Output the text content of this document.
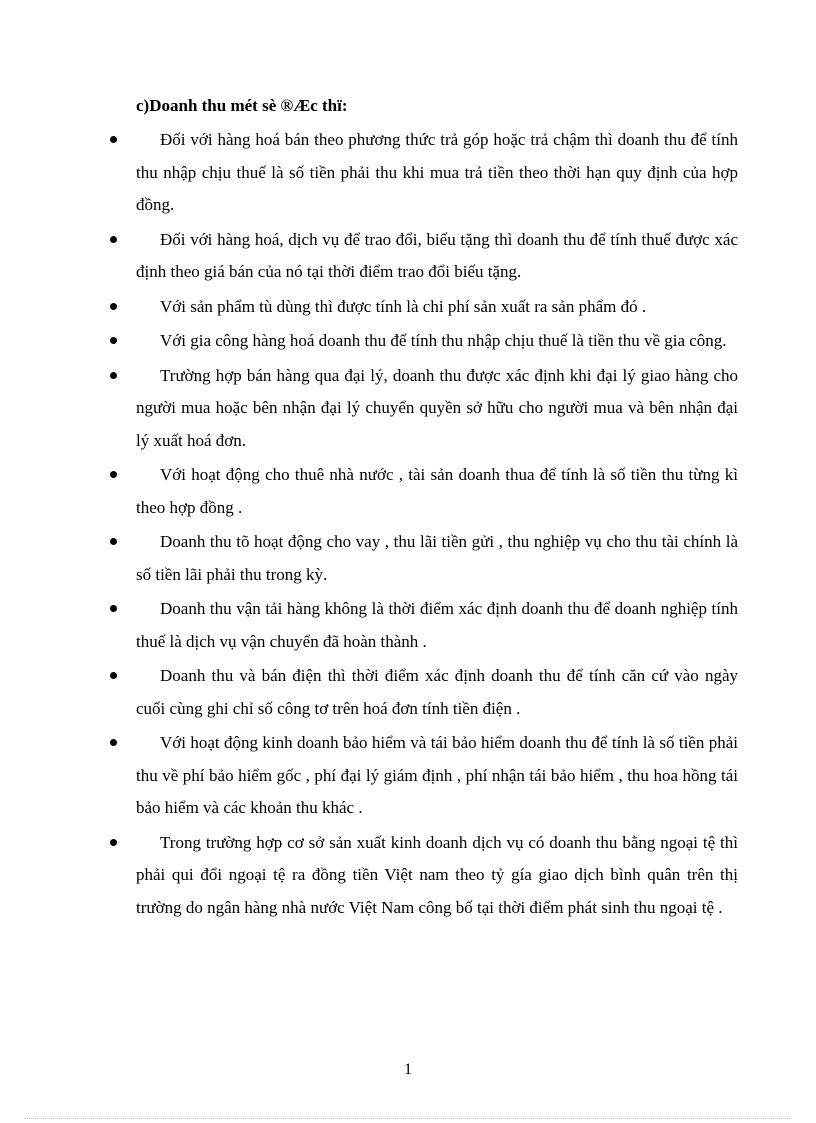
c)Doanh thu mét sè ®Æc thï:
Đối với hàng hoá bán theo phương thức trả góp hoặc trả chậm thì doanh thu để tính thu nhập chịu thuế là số tiền phải thu khi mua trả tiền theo thời hạn quy định của hợp đồng.
Đối với hàng hoá, dịch vụ để trao đổi, biếu tặng thì doanh thu để tính thuế được xác định theo giá bán của nó tại thời điểm trao đổi biếu tặng.
Với sản phẩm tù dùng thì được tính là chi phí sản xuất ra sản phẩm đó .
Với gia công hàng hoá doanh thu để tính thu nhập chịu thuế là tiền thu về gia công.
Trường hợp bán hàng qua đại lý, doanh thu được xác định khi đại lý giao hàng cho người mua hoặc bên nhận đại lý chuyển quyền sở hữu cho người mua và bên nhận đại lý xuất hoá đơn.
Với hoạt động cho thuê nhà nước , tài sản doanh thua để tính là số tiền thu từng kì theo hợp đồng .
Doanh thu tõ hoạt động cho vay , thu lãi tiền gửi , thu nghiệp vụ cho thu tài chính là số tiền lãi phải thu trong kỳ.
Doanh thu vận tải hàng không là thời điểm xác định doanh thu để doanh nghiệp tính thuế là dịch vụ vận chuyển đã hoàn thành .
Doanh thu và bán điện thì thời điểm xác định doanh thu để tính căn cứ vào ngày cuối cùng ghi chỉ số công tơ trên hoá đơn tính tiền điện .
Với hoạt động kinh doanh bảo hiểm và tái bảo hiểm doanh thu để tính là số tiền phải thu về phí bảo hiểm gốc , phí đại lý giám định , phí nhận tái bảo hiểm , thu hoa hồng tái bảo hiểm và các khoản thu khác .
Trong trường hợp cơ sở sản xuất kinh doanh dịch vụ có doanh thu bằng ngoại tệ thì phải qui đổi ngoại tệ ra đồng tiền Việt nam theo tỷ gía giao dịch bình quân trên thị trường do ngân hàng nhà nước Việt Nam công bố tại thời điểm phát sinh thu ngoại tệ .
1
